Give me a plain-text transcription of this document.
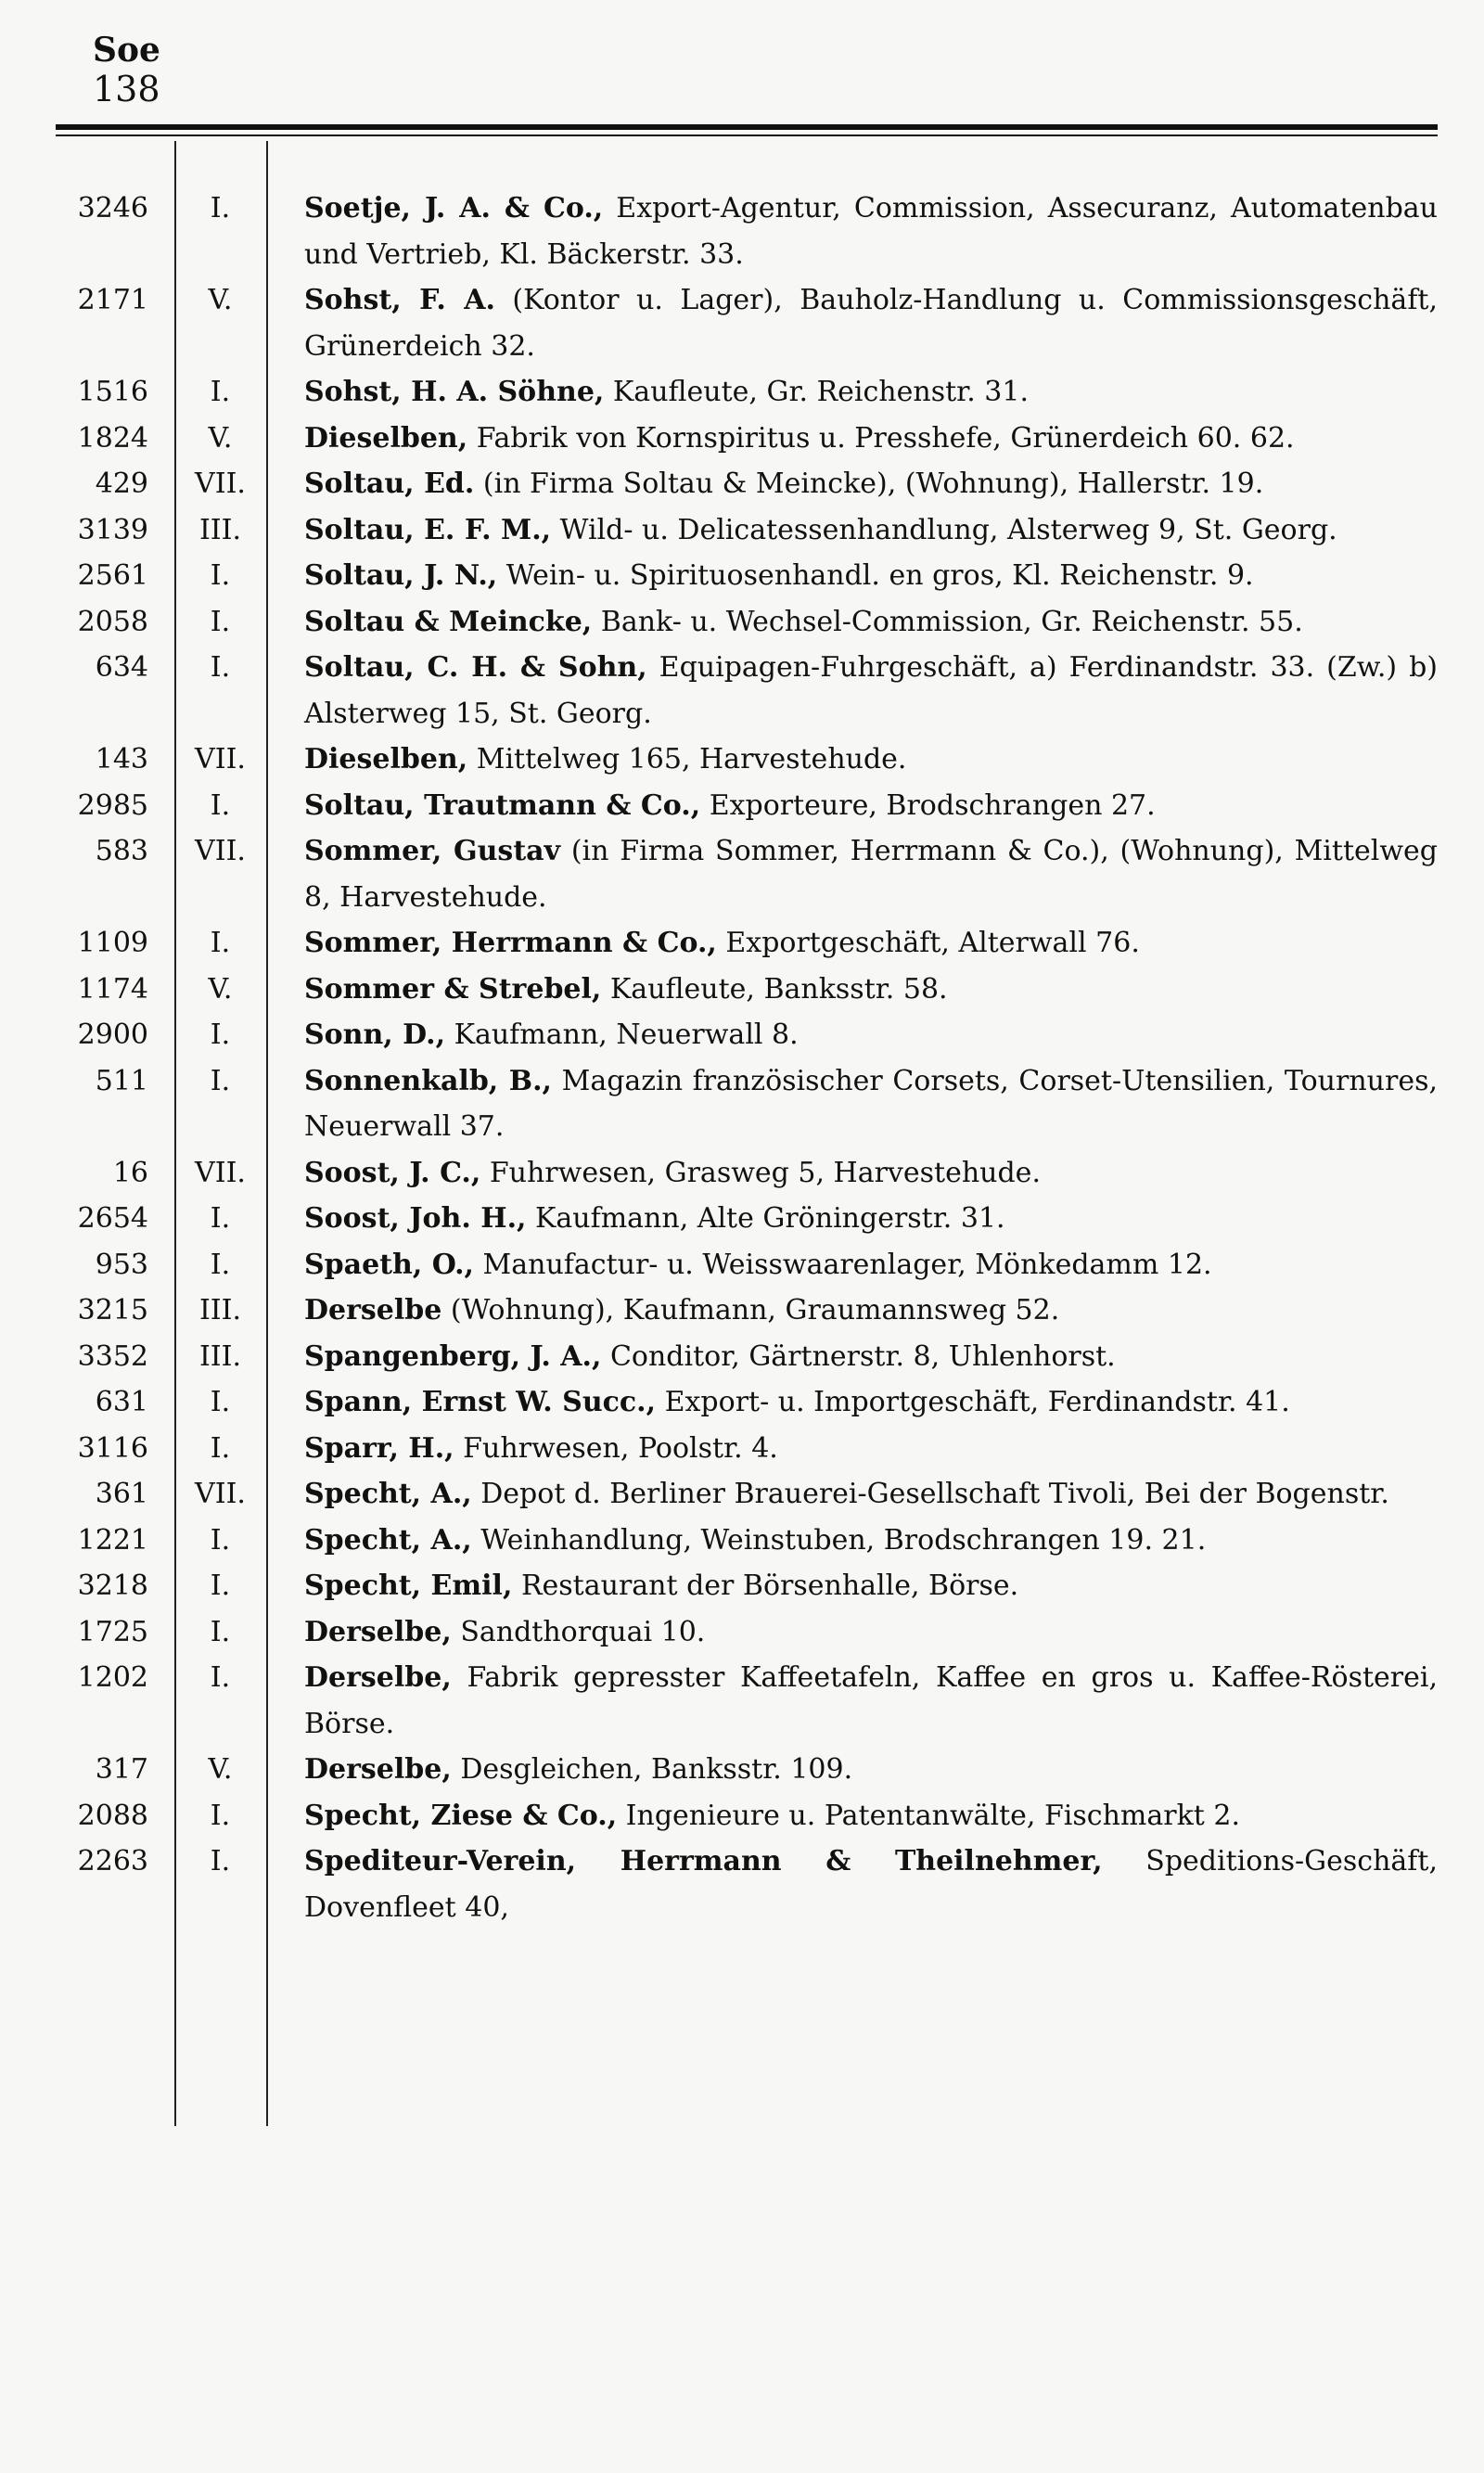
Soe
138
3246	I.	Soetje, J. A. & Co., Export-Agentur, Commission, Assecuranz, Automatenbau und Vertrieb, Kl. Bäckerstr. 33.
2171	V.	Sohst, F. A. (Kontor u. Lager), Bauholz-Handlung u. Commissionsgeschäft, Grünerdeich 32.
1516	I.	Sohst, H. A. Söhne, Kaufleute, Gr. Reichenstr. 31.
1824	V.	Dieselben, Fabrik von Kornspiritus u. Presshefe, Grünerdeich 60. 62.
429	VII.	Soltau, Ed. (in Firma Soltau & Meincke), (Wohnung), Hallerstr. 19.
3139	III.	Soltau, E. F. M., Wild- u. Delicatessenhandlung, Alsterweg 9, St. Georg.
2561	I.	Soltau, J. N., Wein- u. Spirituosenhandl. en gros, Kl. Reichenstr. 9.
2058	I.	Soltau & Meincke, Bank- u. Wechsel-Commission, Gr. Reichenstr. 55.
634	I.	Soltau, C. H. & Sohn, Equipagen-Fuhrgeschäft, a) Ferdinandstr. 33. (Zw.) b) Alsterweg 15, St. Georg.
143	VII.	Dieselben, Mittelweg 165, Harvestehude.
2985	I.	Soltau, Trautmann & Co., Exporteure, Brodschrangen 27.
583	VII.	Sommer, Gustav (in Firma Sommer, Herrmann & Co.), (Wohnung), Mittelweg 8, Harvestehude.
1109	I.	Sommer, Herrmann & Co., Exportgeschäft, Alterwall 76.
1174	V.	Sommer & Strebel, Kaufleute, Banksstr. 58.
2900	I.	Sonn, D., Kaufmann, Neuerwall 8.
511	I.	Sonnenkalb, B., Magazin französischer Corsets, Corset-Utensilien, Tournures, Neuerwall 37.
16	VII.	Soost, J. C., Fuhrwesen, Grasweg 5, Harvestehude.
2654	I.	Soost, Joh. H., Kaufmann, Alte Gröningerstr. 31.
953	I.	Spaeth, O., Manufactur- u. Weisswaarenlager, Mönkedamm 12.
3215	III.	Derselbe (Wohnung), Kaufmann, Graumannsweg 52.
3352	III.	Spangenberg, J. A., Conditor, Gärtnerstr. 8, Uhlenhorst.
631	I.	Spann, Ernst W. Succ., Export- u. Importgeschäft, Ferdinandstr. 41.
3116	I.	Sparr, H., Fuhrwesen, Poolstr. 4.
361	VII.	Specht, A., Depot d. Berliner Brauerei-Gesellschaft Tivoli, Bei der Bogenstr.
1221	I.	Specht, A., Weinhandlung, Weinstuben, Brodschrangen 19. 21.
3218	I.	Specht, Emil, Restaurant der Börsenhalle, Börse.
1725	I.	Derselbe, Sandthorquai 10.
1202	I.	Derselbe, Fabrik gepresster Kaffeetafeln, Kaffee en gros u. Kaffee-Rösterei, Börse.
317	V.	Derselbe, Desgleichen, Banksstr. 109.
2088	I.	Specht, Ziese & Co., Ingenieure u. Patentanwälte, Fischmarkt 2.
2263	I.	Spediteur-Verein, Herrmann & Theilnehmer, Speditions-Geschäft, Dovenfleet 40,
